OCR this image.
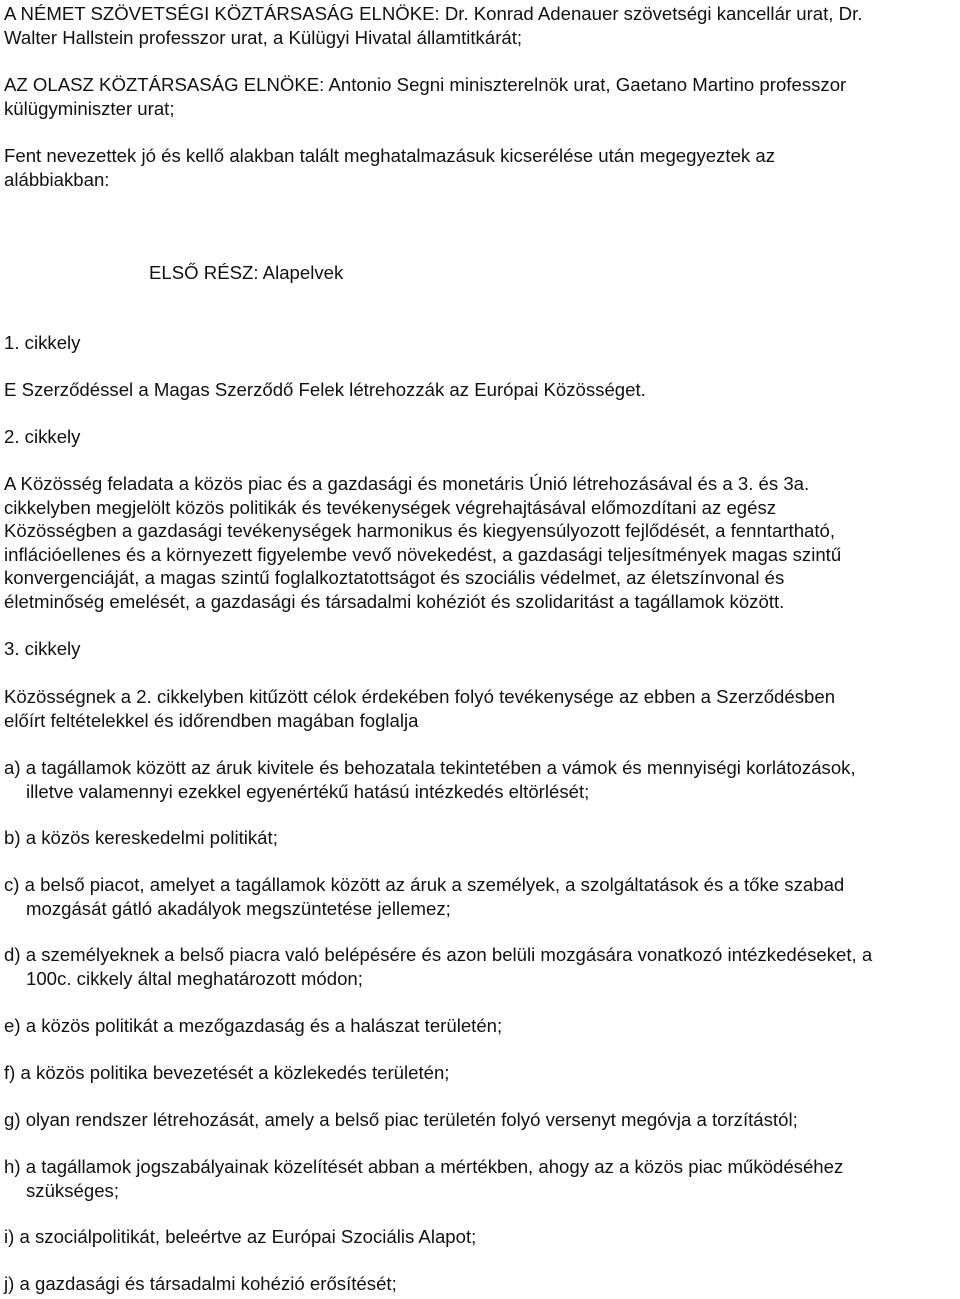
A NÉMET SZÖVETSÉGI KÖZTÁRSASÁG ELNÖKE: Dr. Konrad Adenauer szövetségi kancellár urat, Dr.
Walter Hallstein professzor urat, a Külügyi Hivatal államtitkárát;

AZ OLASZ KÖZTÁRSASÁG ELNÖKE: Antonio Segni miniszterelnök urat, Gaetano Martino professzor
külügyminiszter urat;

Fent nevezettek jó és kellő alakban talált meghatalmazásuk kicserélése után megegyeztek az
alábbiakban:

ELSŐ RÉSZ: Alapelvek

1. cikkely

E Szerződéssel a Magas Szerződő Felek létrehozzák az Európai Közösséget.

2. cikkely

A Közösség feladata a közös piac és a gazdasági és monetáris Únió létrehozásával és a 3. és 3a.
cikkelyben megjelölt közös politikák és tevékenységek végrehajtásával előmozdítani az egész
Közösségben a gazdasági tevékenységek harmonikus és kiegyensúlyozott fejlődését, a fenntartható,
inflációellenes és a környezett figyelembe vevő növekedést, a gazdasági teljesítmények magas szintű
konvergenciáját, a magas szintű foglalkoztatottságot és szociális védelmet, az életszínvonal és
életminőség emelését, a gazdasági és társadalmi kohéziót és szolidaritást a tagállamok között.

3. cikkely

Közösségnek a 2. cikkelyben kitűzött célok érdekében folyó tevékenysége az ebben a Szerződésben
előírt feltételekkel és időrendben magában foglalja

a) a tagállamok között az áruk kivitele és behozatala tekintetében a vámok és mennyiségi korlátozások,
illetve valamennyi ezekkel egyenértékű hatású intézkedés eltörlését;

b) a közös kereskedelmi politikát;

c) a belső piacot, amelyet a tagállamok között az áruk a személyek, a szolgáltatások és a tőke szabad
mozgását gátló akadályok megszüntetése jellemez;

d) a személyeknek a belső piacra való belépésére és azon belüli mozgására vonatkozó intézkedéseket, a
100c. cikkely által meghatározott módon;

e) a közös politikát a mezőgazdaság és a halászat területén;

f) a közös politika bevezetését a közlekedés területén;

g) olyan rendszer létrehozását, amely a belső piac területén folyó versenyt megóvja a torzítástól;

h) a tagállamok jogszabályainak közelítését abban a mértékben, ahogy az a közös piac működéséhez
szükséges;

i) a szociálpolitikát, beleértve az Európai Szociális Alapot;

j) a gazdasági és társadalmi kohézió erősítését;
